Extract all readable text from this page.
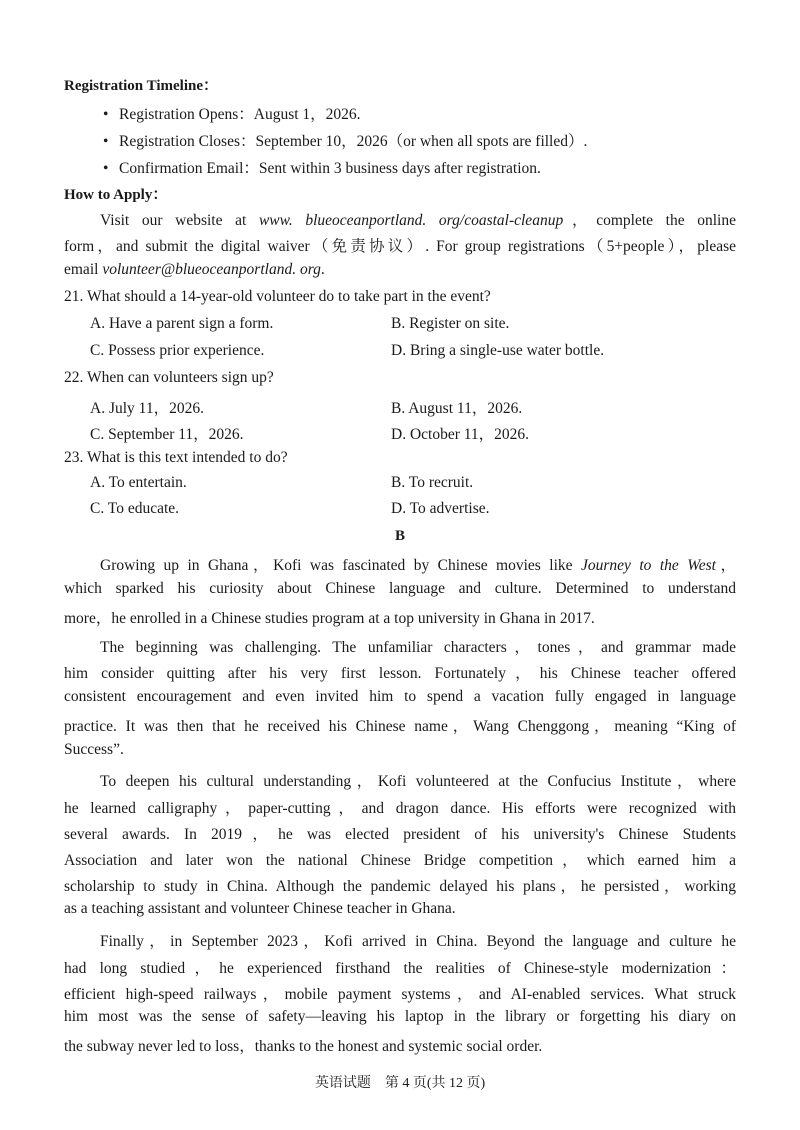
Registration Timeline：
• Registration Opens：August 1，2026.
• Registration Closes：September 10，2026（or when all spots are filled）.
• Confirmation Email：Sent within 3 business days after registration.
How to Apply：
Visit our website at www. blueoceanportland. org/coastal-cleanup，complete the online
form，and submit the digital waiver（免责协议）. For group registrations（5+people），please
email volunteer@blueoceanportland. org.
21. What should a 14-year-old volunteer do to take part in the event?
A. Have a parent sign a form.	B. Register on site.
C. Possess prior experience.	D. Bring a single-use water bottle.
22. When can volunteers sign up?
A. July 11，2026.	B. August 11，2026.
C. September 11，2026.	D. October 11，2026.
23. What is this text intended to do?
A. To entertain.	B. To recruit.
C. To educate.	D. To advertise.
B
Growing up in Ghana，Kofi was fascinated by Chinese movies like Journey to the West，
which sparked his curiosity about Chinese language and culture. Determined to understand
more，he enrolled in a Chinese studies program at a top university in Ghana in 2017.
The beginning was challenging. The unfamiliar characters，tones，and grammar made
him consider quitting after his very first lesson. Fortunately，his Chinese teacher offered
consistent encouragement and even invited him to spend a vacation fully engaged in language
practice. It was then that he received his Chinese name，Wang Chenggong，meaning “King of
Success”.
To deepen his cultural understanding，Kofi volunteered at the Confucius Institute，where
he learned calligraphy，paper-cutting，and dragon dance. His efforts were recognized with
several awards. In 2019，he was elected president of his university's Chinese Students
Association and later won the national Chinese Bridge competition，which earned him a
scholarship to study in China. Although the pandemic delayed his plans，he persisted，working
as a teaching assistant and volunteer Chinese teacher in Ghana.
Finally，in September 2023，Kofi arrived in China. Beyond the language and culture he
had long studied，he experienced firsthand the realities of Chinese-style modernization：
efficient high-speed railways，mobile payment systems，and AI-enabled services. What struck
him most was the sense of safety—leaving his laptop in the library or forgetting his diary on
the subway never led to loss，thanks to the honest and systemic social order.
英语试题　第 4 页(共 12 页)
